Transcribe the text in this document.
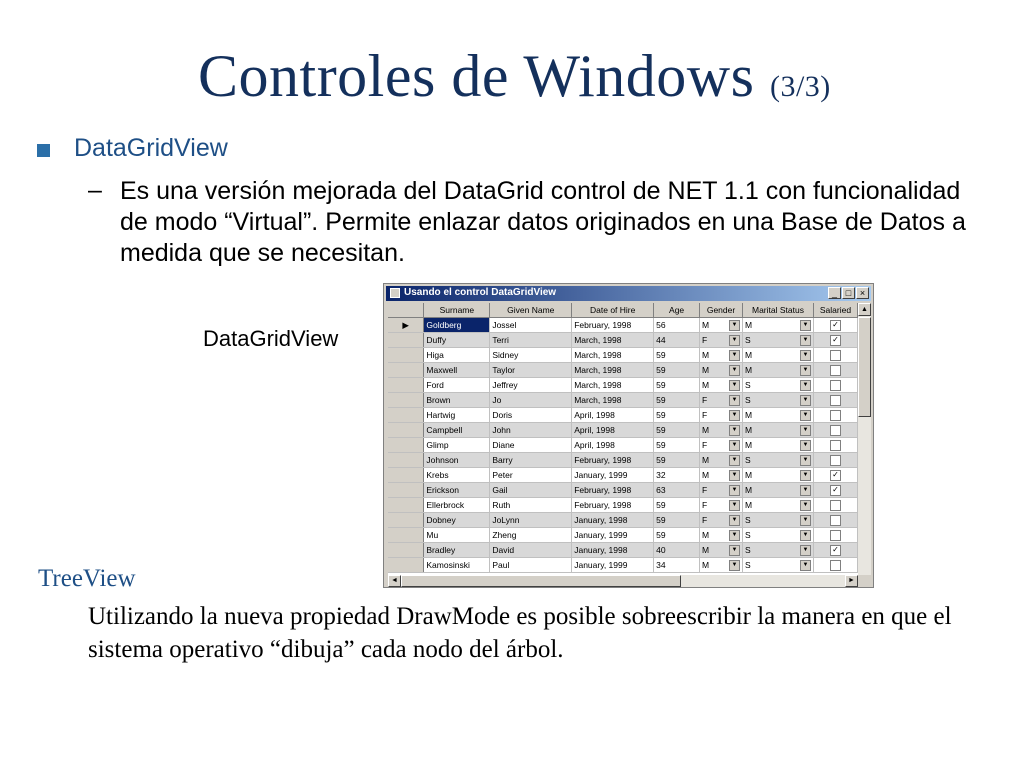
Controles de Windows (3/3)
DataGridView
– Es una versión mejorada del DataGrid control de NET 1.1 con funcionalidad de modo “Virtual”. Permite enlazar datos originados en una Base de Datos a medida que se necesitan.
DataGridView
Usando el control DataGridView	_ □ ×
	Surname	Given Name	Date of Hire	Age	Gender	Marital Status	Salaried
▶	Goldberg	Jossel	February, 1998	56	M ▼	M ▼	✓

	Duffy	Terri	March, 1998	44	F ▼	S ▼	✓

	Higa	Sidney	March, 1998	59	M ▼	M ▼	

	Maxwell	Taylor	March, 1998	59	M ▼	M ▼	

	Ford	Jeffrey	March, 1998	59	M ▼	S ▼	

	Brown	Jo	March, 1998	59	F ▼	S ▼	

	Hartwig	Doris	April, 1998	59	F ▼	M ▼	

	Campbell	John	April, 1998	59	M ▼	M ▼	

	Glimp	Diane	April, 1998	59	F ▼	M ▼	

	Johnson	Barry	February, 1998	59	M ▼	S ▼	

	Krebs	Peter	January, 1999	32	M ▼	M ▼	✓

	Erickson	Gail	February, 1998	63	F ▼	M ▼	✓

	Ellerbrock	Ruth	February, 1998	59	F ▼	M ▼	

	Dobney	JoLynn	January, 1998	59	F ▼	S ▼	

	Mu	Zheng	January, 1999	59	M ▼	S ▼	

	Bradley	David	January, 1998	40	M ▼	S ▼	✓

	Kamosinski	Paul	January, 1999	34	M ▼	S ▼	

▲
◄	►
TreeView
Utilizando la nueva propiedad DrawMode es posible sobreescribir la manera en que el sistema operativo “dibuja” cada nodo del árbol.
